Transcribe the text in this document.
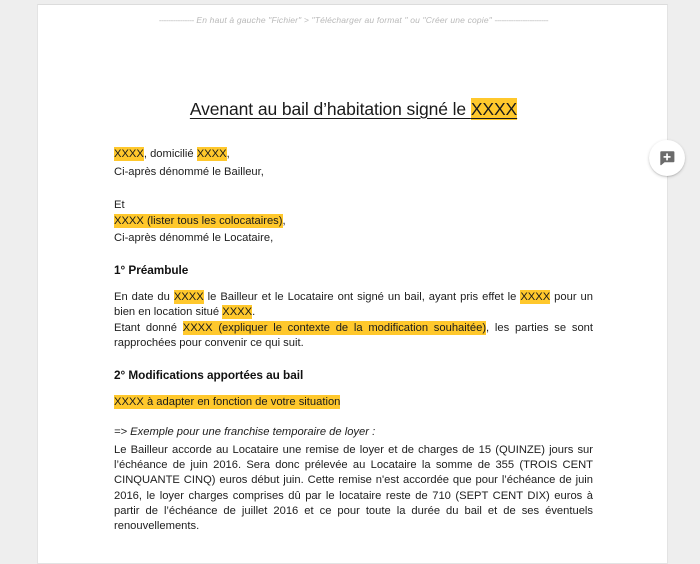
--------------- En haut à gauche "Fichier" > "Télécharger au format " ou "Créer une copie" -----------------------
Avenant au bail d’habitation signé le XXXX
XXXX, domicilié XXXX,
Ci-après dénommé le Bailleur,
Et
XXXX (lister tous les colocataires),
Ci-après dénommé le Locataire,
1° Préambule
En date du XXXX le Bailleur et le Locataire ont signé un bail, ayant pris effet le XXXX pour un bien en location situé XXXX.
Etant donné XXXX (expliquer le contexte de la modification souhaitée), les parties se sont rapprochées pour convenir ce qui suit.
2° Modifications apportées au bail
XXXX à adapter en fonction de votre situation
=> Exemple pour une franchise temporaire de loyer :
Le Bailleur accorde au Locataire une remise de loyer et de charges de 15 (QUINZE) jours sur l’échéance de juin 2016. Sera donc prélevée au Locataire la somme de 355 (TROIS CENT CINQUANTE CINQ) euros début juin. Cette remise n'est accordée que pour l’échéance de juin 2016, le loyer charges comprises dû par le locataire reste de 710 (SEPT CENT DIX) euros à partir de l’échéance de juillet 2016 et ce pour toute la durée du bail et de ses éventuels renouvellements.
